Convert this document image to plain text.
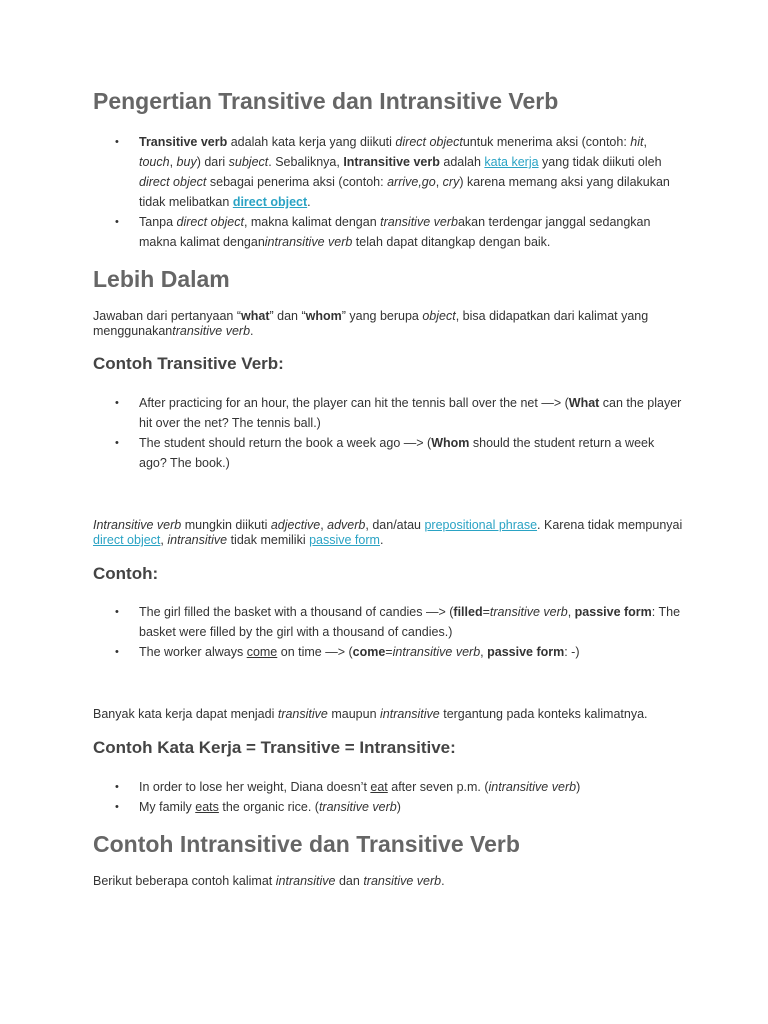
Pengertian Transitive dan Intransitive Verb
• Transitive verb adalah kata kerja yang diikuti direct objectuntuk menerima aksi (contoh: hit, touch, buy) dari subject. Sebaliknya, Intransitive verb adalah kata kerja yang tidak diikuti oleh direct object sebagai penerima aksi (contoh: arrive,go, cry) karena memang aksi yang dilakukan tidak melibatkan direct object.
• Tanpa direct object, makna kalimat dengan transitive verbakan terdengar janggal sedangkan makna kalimat denganintransitive verb telah dapat ditangkap dengan baik.
Lebih Dalam

Jawaban dari pertanyaan “what” dan “whom” yang berupa object, bisa didapatkan dari kalimat yang menggunakantransitive verb.

Contoh Transitive Verb:
• After practicing for an hour, the player can hit the tennis ball over the net —> (What can the player hit over the net? The tennis ball.)
• The student should return the book a week ago —> (Whom should the student return a week ago? The book.)

Intransitive verb mungkin diikuti adjective, adverb, dan/atau prepositional phrase. Karena tidak mempunyai direct object, intransitive tidak memiliki passive form.

Contoh:
• The girl filled the basket with a thousand of candies —> (filled=transitive verb, passive form: The basket were filled by the girl with a thousand of candies.)
• The worker always come on time —> (come=intransitive verb, passive form: -)

Banyak kata kerja dapat menjadi transitive maupun intransitive tergantung pada konteks kalimatnya.

Contoh Kata Kerja = Transitive = Intransitive:
• In order to lose her weight, Diana doesn’t eat after seven p.m. (intransitive verb)
• My family eats the organic rice. (transitive verb)
Contoh Intransitive dan Transitive Verb

Berikut beberapa contoh kalimat intransitive dan transitive verb.
